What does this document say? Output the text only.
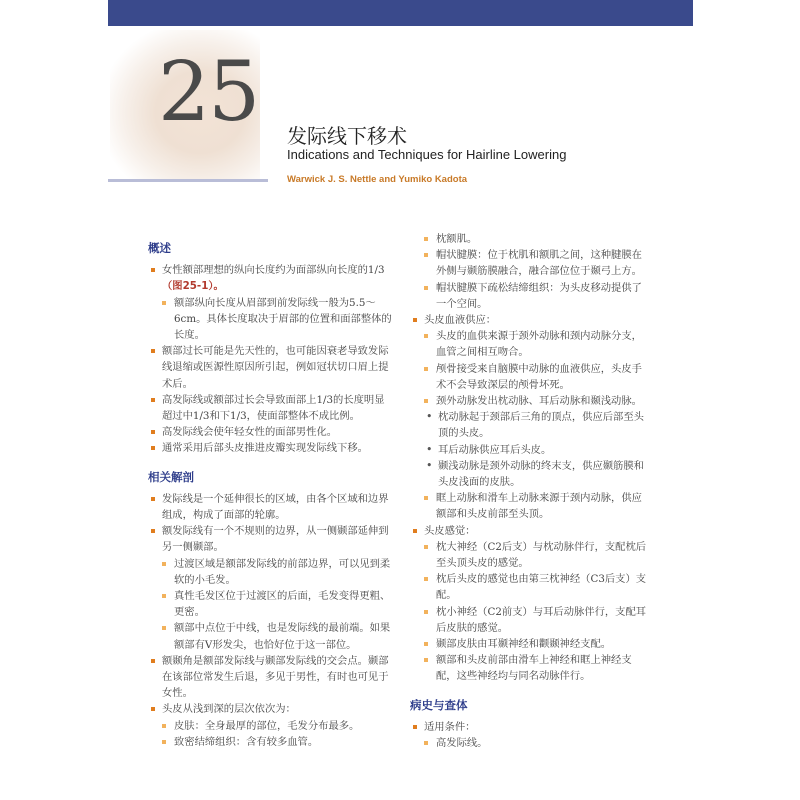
25 发际线下移术
Indications and Techniques for Hairline Lowering
Warwick J. S. Nettle and Yumiko Kadota
概述
女性额部理想的纵向长度约为面部纵向长度的1/3（图25-1）。
额部纵向长度从眉部到前发际线一般为5.5～6cm。具体长度取决于眉部的位置和面部整体的长度。
额部过长可能是先天性的，也可能因衰老导致发际线退缩或医源性原因所引起，例如冠状切口眉上提术后。
高发际线或额部过长会导致面部上1/3的长度明显超过中1/3和下1/3，使面部整体不成比例。
高发际线会使年轻女性的面部男性化。
通常采用后部头皮推进皮瓣实现发际线下移。
相关解剖
发际线是一个延伸很长的区域，由各个区域和边界组成，构成了面部的轮廓。
额发际线有一个不规则的边界，从一侧颞部延伸到另一侧颞部。
过渡区域是额部发际线的前部边界，可以见到柔软的小毛发。
真性毛发区位于过渡区的后面，毛发变得更粗、更密。
额部中点位于中线，也是发际线的最前端。如果额部有V形发尖，也恰好位于这一部位。
额颞角是额部发际线与颞部发际线的交会点。颞部在该部位常发生后退，多见于男性，有时也可见于女性。
头皮从浅到深的层次依次为：
皮肤：全身最厚的部位，毛发分布最多。
致密结缔组织：含有较多血管。
枕额肌。
帽状腱膜：位于枕肌和额肌之间，这种腱膜在外侧与颞筋膜融合，融合部位位于颞弓上方。
帽状腱膜下疏松结缔组织：为头皮移动提供了一个空间。
头皮血液供应：
头皮的血供来源于颈外动脉和颈内动脉分支，血管之间相互吻合。
颅骨接受来自脑膜中动脉的血液供应，头皮手术不会导致深层的颅骨坏死。
颈外动脉发出枕动脉、耳后动脉和颞浅动脉。
• 枕动脉起于颈部后三角的顶点，供应后部至头顶的头皮。
• 耳后动脉供应耳后头皮。
• 颞浅动脉是颈外动脉的终末支，供应颞筋膜和头皮浅面的皮肤。
眶上动脉和滑车上动脉来源于颈内动脉，供应额部和头皮前部至头顶。
头皮感觉：
枕大神经（C2后支）与枕动脉伴行，支配枕后至头顶头皮的感觉。
枕后头皮的感觉也由第三枕神经（C3后支）支配。
枕小神经（C2前支）与耳后动脉伴行，支配耳后皮肤的感觉。
颞部皮肤由耳颞神经和颧颞神经支配。
额部和头皮前部由滑车上神经和眶上神经支配，这些神经均与同名动脉伴行。
病史与查体
适用条件：
高发际线。
